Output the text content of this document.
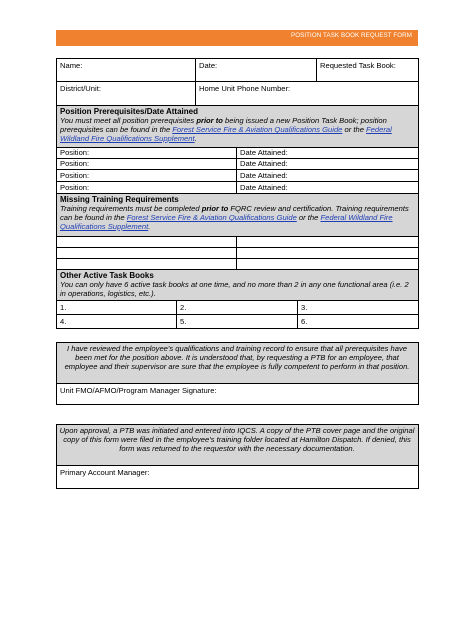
POSITION TASK BOOK REQUEST FORM
Name:	Date:	Requested Task Book:
District/Unit:	Home Unit Phone Number:
Position Prerequisites/Date Attained
You must meet all position prerequisites prior to being issued a new Position Task Book; position prerequisites can be found in the Forest Service Fire & Aviation Qualifications Guide or the Federal Wildland Fire Qualifications Supplement.
Position:	Date Attained:
Position:	Date Attained:
Position:	Date Attained:
Position:	Date Attained:
Missing Training Requirements
Training requirements must be completed prior to FQRC review and certification. Training requirements can be found in the Forest Service Fire & Aviation Qualifications Guide or the Federal Wildland Fire Qualifications Supplement.
Other Active Task Books
You can only have 6 active task books at one time, and no more than 2 in any one functional area (i.e. 2 in operations, logistics, etc.).
1.	2.	3.
4.	5.	6.
I have reviewed the employee's qualifications and training record to ensure that all prerequisites have been met for the position above. It is understood that, by requesting a PTB for an employee, that employee and their supervisor are sure that the employee is fully competent to perform in that position.
Unit FMO/AFMO/Program Manager Signature:
Upon approval, a PTB was initiated and entered into IQCS. A copy of the PTB cover page and the original copy of this form were filed in the employee's training folder located at Hamilton Dispatch. If denied, this form was returned to the requestor with the necessary documentation.
Primary Account Manager:
